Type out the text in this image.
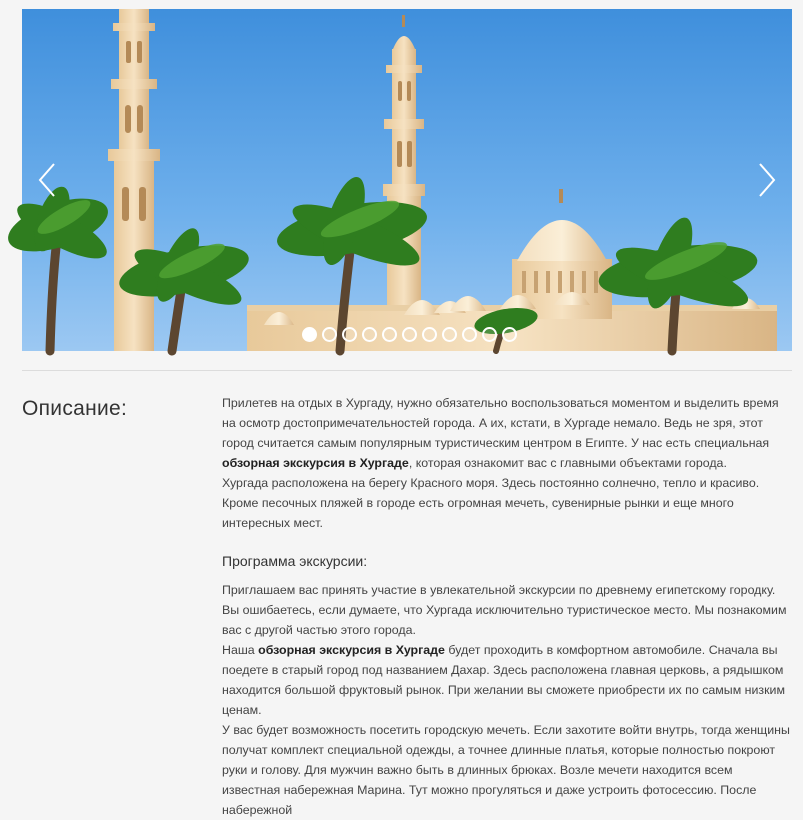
Описание:	Прилетев на отдых в Хургаду, нужно обязательно воспользоваться моментом и выделить время на осмотр достопримечательностей города. А их, кстати, в Хургаде немало. Ведь не зря, этот город считается самым популярным туристическим центром в Египте. У нас есть специальная обзорная экскурсия в Хургаде, которая ознакомит вас с главными объектами города.

Хургада расположена на берегу Красного моря. Здесь постоянно солнечно, тепло и красиво. Кроме песочных пляжей в городе есть огромная мечеть, сувенирные рынки и еще много интересных мест.

Программа экскурсии:

Приглашаем вас принять участие в увлекательной экскурсии по древнему египетскому городку. Вы ошибаетесь, если думаете, что Хургада исключительно туристическое место. Мы познакомим вас с другой частью этого города.

Наша обзорная экскурсия в Хургаде будет проходить в комфортном автомобиле. Сначала вы поедете в старый город под названием Дахар. Здесь расположена главная церковь, а рядышком находится большой фруктовый рынок. При желании вы сможете приобрести их по самым низким ценам.

У вас будет возможность посетить городскую мечеть. Если захотите войти внутрь, тогда женщины получат комплект специальной одежды, а точнее длинные платья, которые полностью покроют руки и голову. Для мужчин важно быть в длинных брюках. Возле мечети находится всем известная набережная Марина. Тут можно прогуляться и даже устроить фотосессию. После набережной
